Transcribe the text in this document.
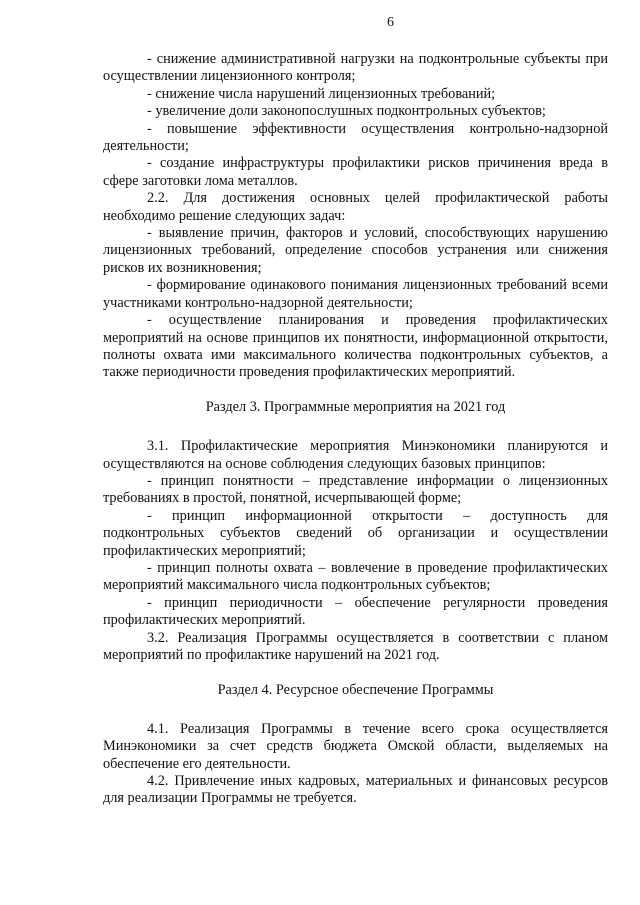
6

- снижение административной нагрузки на подконтрольные субъекты при осуществлении лицензионного контроля;

- снижение числа нарушений лицензионных требований;

- увеличение доли законопослушных подконтрольных субъектов;

- повышение эффективности осуществления контрольно-надзорной деятельности;

- создание инфраструктуры профилактики рисков причинения вреда в сфере заготовки лома металлов.

2.2. Для достижения основных целей профилактической работы необходимо решение следующих задач:

- выявление причин, факторов и условий, способствующих нарушению лицензионных требований, определение способов устранения или снижения рисков их возникновения;

- формирование одинакового понимания лицензионных требований всеми участниками контрольно-надзорной деятельности;

- осуществление планирования и проведения профилактических мероприятий на основе принципов их понятности, информационной открытости, полноты охвата ими максимального количества подконтрольных субъектов, а также периодичности проведения профилактических мероприятий.

Раздел 3. Программные мероприятия на 2021 год

3.1. Профилактические мероприятия Минэкономики планируются и осуществляются на основе соблюдения следующих базовых принципов:

- принцип понятности – представление информации о лицензионных требованиях в простой, понятной, исчерпывающей форме;

- принцип информационной открытости – доступность для подконтрольных субъектов сведений об организации и осуществлении профилактических мероприятий;

- принцип полноты охвата – вовлечение в проведение профилактических мероприятий максимального числа подконтрольных субъектов;

- принцип периодичности – обеспечение регулярности проведения профилактических мероприятий.

3.2. Реализация Программы осуществляется в соответствии с планом мероприятий по профилактике нарушений на 2021 год.

Раздел 4. Ресурсное обеспечение Программы

4.1. Реализация Программы в течение всего срока осуществляется Минэкономики за счет средств бюджета Омской области, выделяемых на обеспечение его деятельности.

4.2. Привлечение иных кадровых, материальных и финансовых ресурсов для реализации Программы не требуется.
